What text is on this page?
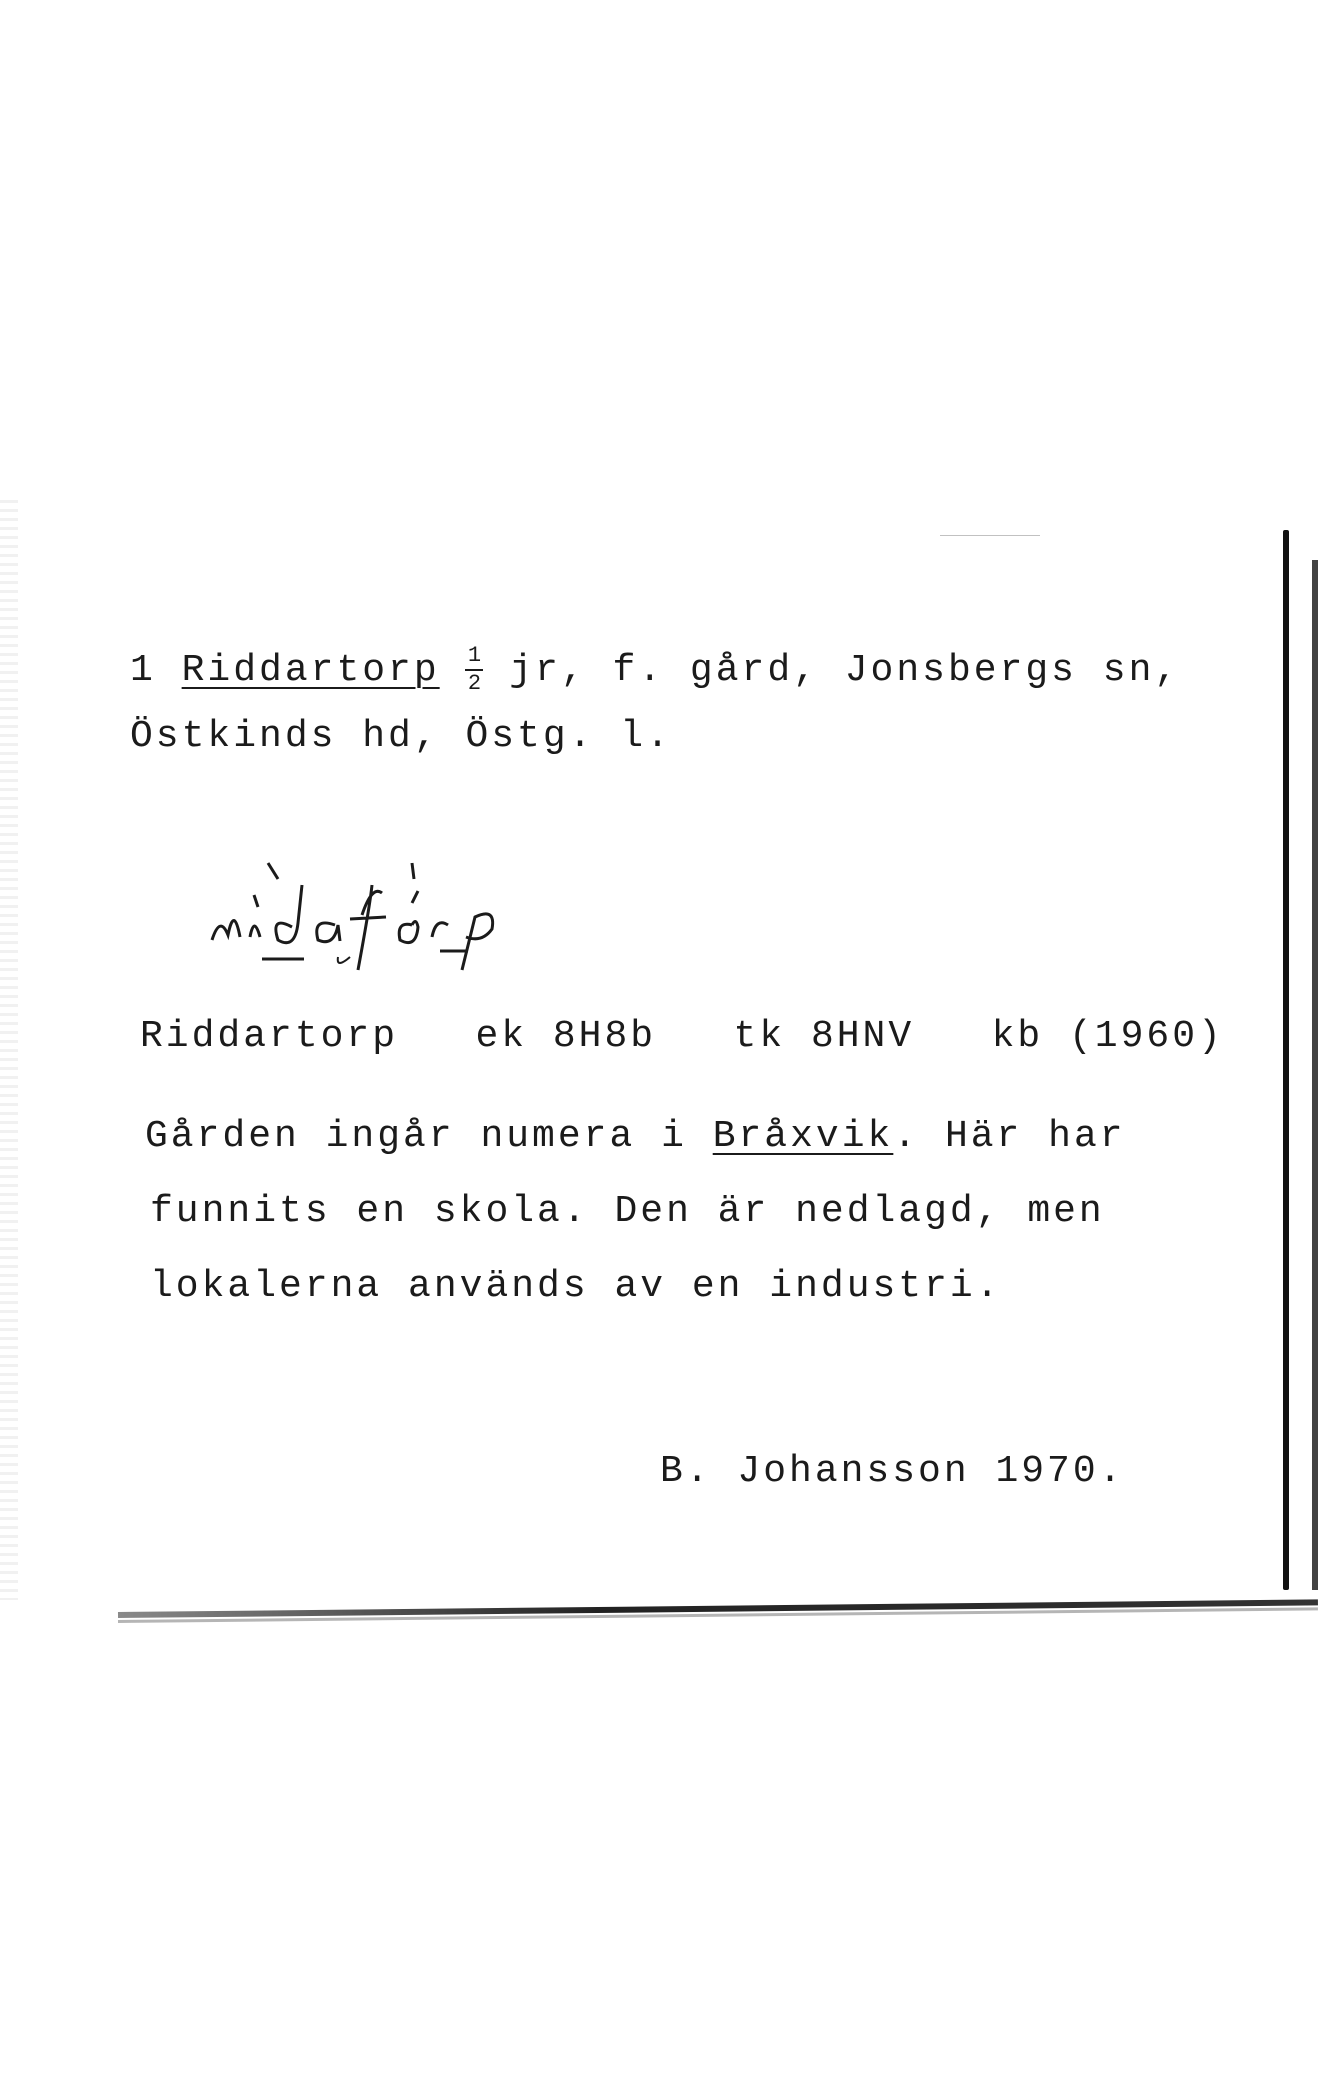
1 Riddartorp $\frac{1}{2}$ jr, f. gård, Jonsbergs sn,
Östkinds hd, Östg. l.
riddartorp
Riddartorp ek 8H8b tk 8HNV kb (1960)
Gården ingår numera i Bråxvik. Här har
funnits en skola. Den är nedlagd, men
lokalerna används av en industri.
B. Johansson 1970.
